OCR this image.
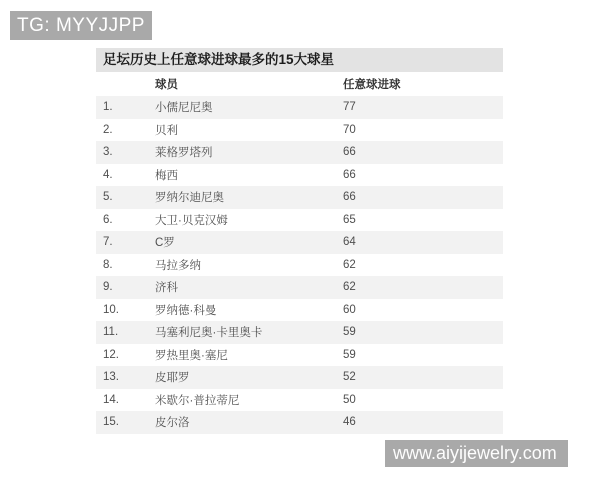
TG: MYYJJPP
足坛历史上任意球进球最多的15大球星
球员	任意球进球
1.	小儒尼尼奥	77
2.	贝利	70
3.	莱格罗塔列	66
4.	梅西	66
5.	罗纳尔迪尼奥	66
6.	大卫·贝克汉姆	65
7.	C罗	64
8.	马拉多纳	62
9.	济科	62
10.	罗纳德·科曼	60
11.	马塞利尼奥·卡里奥卡	59
12.	罗热里奥·塞尼	59
13.	皮耶罗	52
14.	米歇尔·普拉蒂尼	50
15.	皮尔洛	46
www.aiyijewelry.com
